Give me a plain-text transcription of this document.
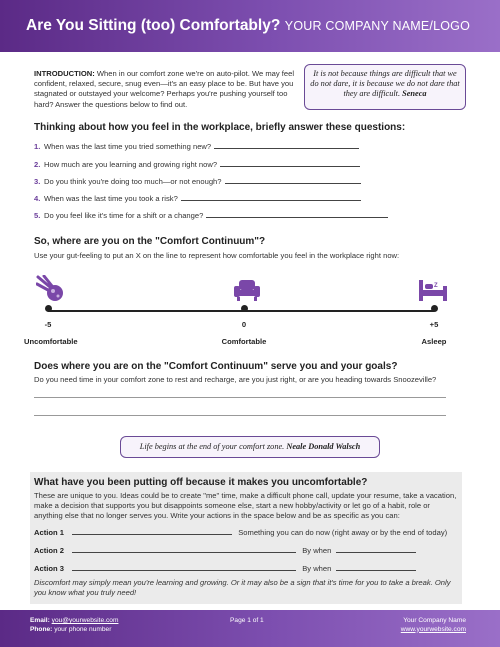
Are You Sitting (too) Comfortably? YOUR COMPANY NAME/LOGO
INTRODUCTION: When in our comfort zone we're on auto-pilot. We may feel confident, relaxed, secure, snug even—it's an easy place to be. But have you stagnated or outstayed your welcome? Perhaps you're pushing yourself too hard? Answer the questions below to find out.
It is not because things are difficult that we do not dare, it is because we do not dare that they are difficult. Seneca
Thinking about how you feel in the workplace, briefly answer these questions:
1. When was the last time you tried something new?
2. How much are you learning and growing right now?
3. Do you think you're doing too much—or not enough?
4. When was the last time you took a risk?
5. Do you feel like it's time for a shift or a change?
So, where are you on the "Comfort Continuum"?
Use your gut-feeling to put an X on the line to represent how comfortable you feel in the workplace right now:
Z
-5	0	+5
Uncomfortable	Comfortable	Asleep
Does where you are on the "Comfort Continuum" serve you and your goals?
Do you need time in your comfort zone to rest and recharge, are you just right, or are you heading towards Snoozeville?
Life begins at the end of your comfort zone. Neale Donald Walsch
What have you been putting off because it makes you uncomfortable?
These are unique to you. Ideas could be to create "me" time, make a difficult phone call, update your resume, take a vacation, make a decision that supports you but disappoints someone else, start a new hobby/activity or let go of a habit, role or anything else that no longer serves you. Write your actions in the space below and be as specific as you can:
Action 1	Something you can do now (right away or by the end of today)
Action 2	By when
Action 3	By when
Discomfort may simply mean you're learning and growing. Or it may also be a sign that it's time for you to take a break. Only you know what you truly need!
Email: you@yourwebsite.com
Phone: your phone number
Page 1 of 1	Your Company Name
www.yourwebsite.com
